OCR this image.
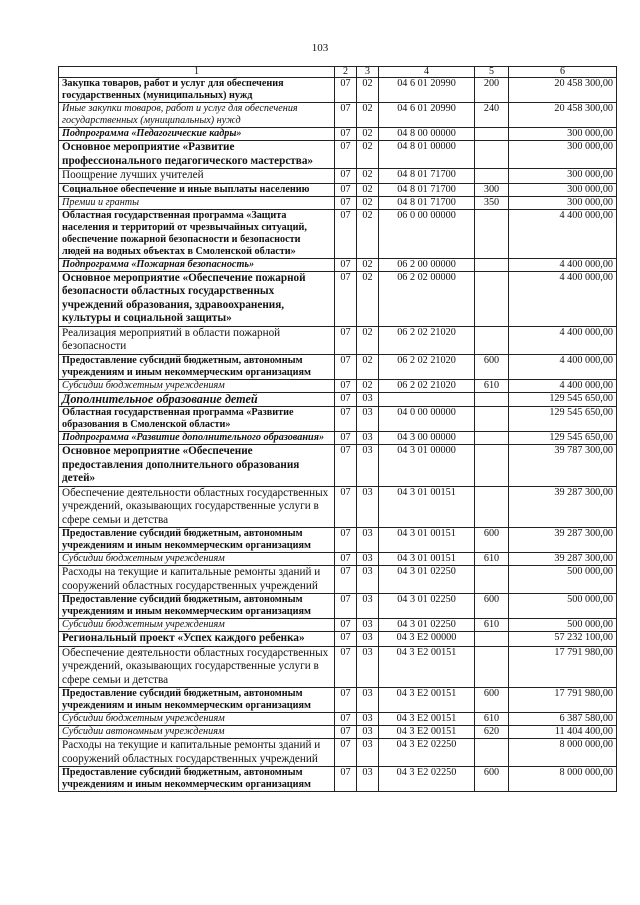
103
1	2	3	4	5	6
Закупка товаров, работ и услуг для обеспечения государственных (муниципальных) нужд	07	02	04 6 01 20990	200	20 458 300,00
Иные закупки товаров, работ и услуг для обеспечения государственных (муниципальных) нужд	07	02	04 6 01 20990	240	20 458 300,00
Подпрограмма «Педагогические кадры»	07	02	04 8 00 00000		300 000,00
Основное мероприятие «Развитие профессионального педагогического мастерства»	07	02	04 8 01 00000		300 000,00
Поощрение лучших учителей	07	02	04 8 01 71700		300 000,00
Социальное обеспечение и иные выплаты населению	07	02	04 8 01 71700	300	300 000,00
Премии и гранты	07	02	04 8 01 71700	350	300 000,00
Областная государственная программа «Защита населения и территорий от чрезвычайных ситуаций, обеспечение пожарной безопасности и безопасности людей на водных объектах в Смоленской области»	07	02	06 0 00 00000		4 400 000,00
Подпрограмма «Пожарная безопасность»	07	02	06 2 00 00000		4 400 000,00
Основное мероприятие «Обеспечение пожарной безопасности областных государственных учреждений образования, здравоохранения, культуры и социальной защиты»	07	02	06 2 02 00000		4 400 000,00
Реализация мероприятий в области пожарной безопасности	07	02	06 2 02 21020		4 400 000,00
Предоставление субсидий бюджетным, автономным учреждениям и иным некоммерческим организациям	07	02	06 2 02 21020	600	4 400 000,00
Субсидии бюджетным учреждениям	07	02	06 2 02 21020	610	4 400 000,00
Дополнительное образование детей	07	03			129 545 650,00
Областная государственная программа «Развитие образования в Смоленской области»	07	03	04 0 00 00000		129 545 650,00
Подпрограмма «Развитие дополнительного образования»	07	03	04 3 00 00000		129 545 650,00
Основное мероприятие «Обеспечение предоставления дополнительного образования детей»	07	03	04 3 01 00000		39 787 300,00
Обеспечение деятельности областных государственных учреждений, оказывающих государственные услуги в сфере семьи и детства	07	03	04 3 01 00151		39 287 300,00
Предоставление субсидий бюджетным, автономным учреждениям и иным некоммерческим организациям	07	03	04 3 01 00151	600	39 287 300,00
Субсидии бюджетным учреждениям	07	03	04 3 01 00151	610	39 287 300,00
Расходы на текущие и капитальные ремонты зданий и сооружений областных государственных учреждений	07	03	04 3 01 02250		500 000,00
Предоставление субсидий бюджетным, автономным учреждениям и иным некоммерческим организациям	07	03	04 3 01 02250	600	500 000,00
Субсидии бюджетным учреждениям	07	03	04 3 01 02250	610	500 000,00
Региональный проект «Успех каждого ребенка»	07	03	04 3 E2 00000		57 232 100,00
Обеспечение деятельности областных государственных учреждений, оказывающих государственные услуги в сфере семьи и детства	07	03	04 3 E2 00151		17 791 980,00
Предоставление субсидий бюджетным, автономным учреждениям и иным некоммерческим организациям	07	03	04 3 E2 00151	600	17 791 980,00
Субсидии бюджетным учреждениям	07	03	04 3 E2 00151	610	6 387 580,00
Субсидии автономным учреждениям	07	03	04 3 E2 00151	620	11 404 400,00
Расходы на текущие и капитальные ремонты зданий и сооружений областных государственных учреждений	07	03	04 3 E2 02250		8 000 000,00
Предоставление субсидий бюджетным, автономным учреждениям и иным некоммерческим организациям	07	03	04 3 E2 02250	600	8 000 000,00
